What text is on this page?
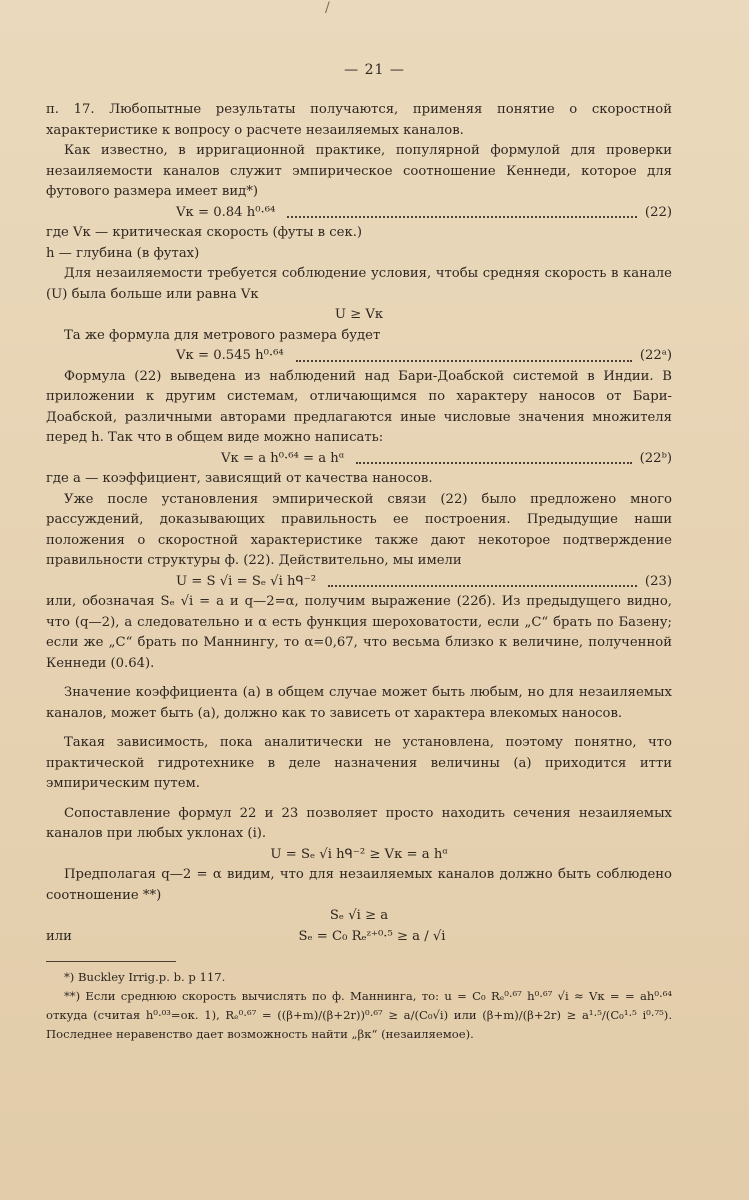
/
— 21 —

п. 17. Любопытные результаты получаются, применяя понятие о скоростной характеристике к вопросу о расчете незаиляемых каналов.

Как известно, в ирригационной практике, популярной формулой для проверки незаиляемости каналов служит эмпирическое соотношение Кеннеди, которое для футового размера имеет вид*)

Vк = 0.84 h⁰·⁶⁴	(22)

где Vк — критическая скорость (футы в сек.)

h — глубина (в футах)

Для незаиляемости требуется соблюдение условия, чтобы средняя скорость в канале (U) была больше или равна Vк

U ≥ Vк

Та же формула для метрового размера будет

Vк = 0.545 h⁰·⁶⁴	(22ᵃ)

Формула (22) выведена из наблюдений над Бари-Доабской системой в Индии. В приложении к другим системам, отличающимся по характеру наносов от Бари-Доабской, различными авторами предлагаются иные числовые значения множителя перед h. Так что в общем виде можно написать:

Vк = a h⁰·⁶⁴ = a hᵅ	(22ᵇ)

где а — коэффициент, зависящий от качества наносов.

Уже после установления эмпирической связи (22) было предложено много рассуждений, доказывающих правильность ее построения. Предыдущие наши положения о скоростной характеристике также дают некоторое подтверждение правильности структуры ф. (22). Действительно, мы имели

U = S √i = Sₑ √i hᑫ⁻²	(23)

или, обозначая Sₑ √i = а и q—2=α, получим выражение (22б). Из предыдущего видно, что (q—2), а следовательно и α есть функция шероховатости, если „С“ брать по Базену; если же „С“ брать по Маннингу, то α=0,67, что весьма близко к величине, полученной Кеннеди (0.64).

Значение коэффициента (а) в общем случае может быть любым, но для незаиляемых каналов, может быть (а), должно как то зависеть от характера влекомых наносов.

Такая зависимость, пока аналитически не установлена, поэтому понятно, что практической гидротехнике в деле назначения величины (а) приходится итти эмпирическим путем.

Сопоставление формул 22 и 23 позволяет просто находить сечения незаиляемых каналов при любых уклонах (i).

U = Sₑ √i hᑫ⁻² ≥ Vк = a hᵅ

Предполагая q—2 = α видим, что для незаиляемых каналов должно быть соблюдено соотношение **)

Sₑ √i ≥ a

или	Sₑ = C₀ Rₑᶻ⁺⁰·⁵ ≥ a / √i

*) Buckley Irrig.p. b. p 117.

**) Если среднюю скорость вычислять по ф. Маннинга, то: u = C₀ Rₑ⁰·⁶⁷ h⁰·⁶⁷ √i ≈ Vк = = ah⁰·⁶⁴ откуда (считая h⁰·⁰³=ок. 1), Rₑ⁰·⁶⁷ = ((β+m)/(β+2r))⁰·⁶⁷ ≥ a/(C₀√i) или (β+m)/(β+2r) ≥ a¹·⁵/(C₀¹·⁵ i⁰·⁷⁵). Последнее неравенство дает возможность найти „βк“ (незаиляемое).
